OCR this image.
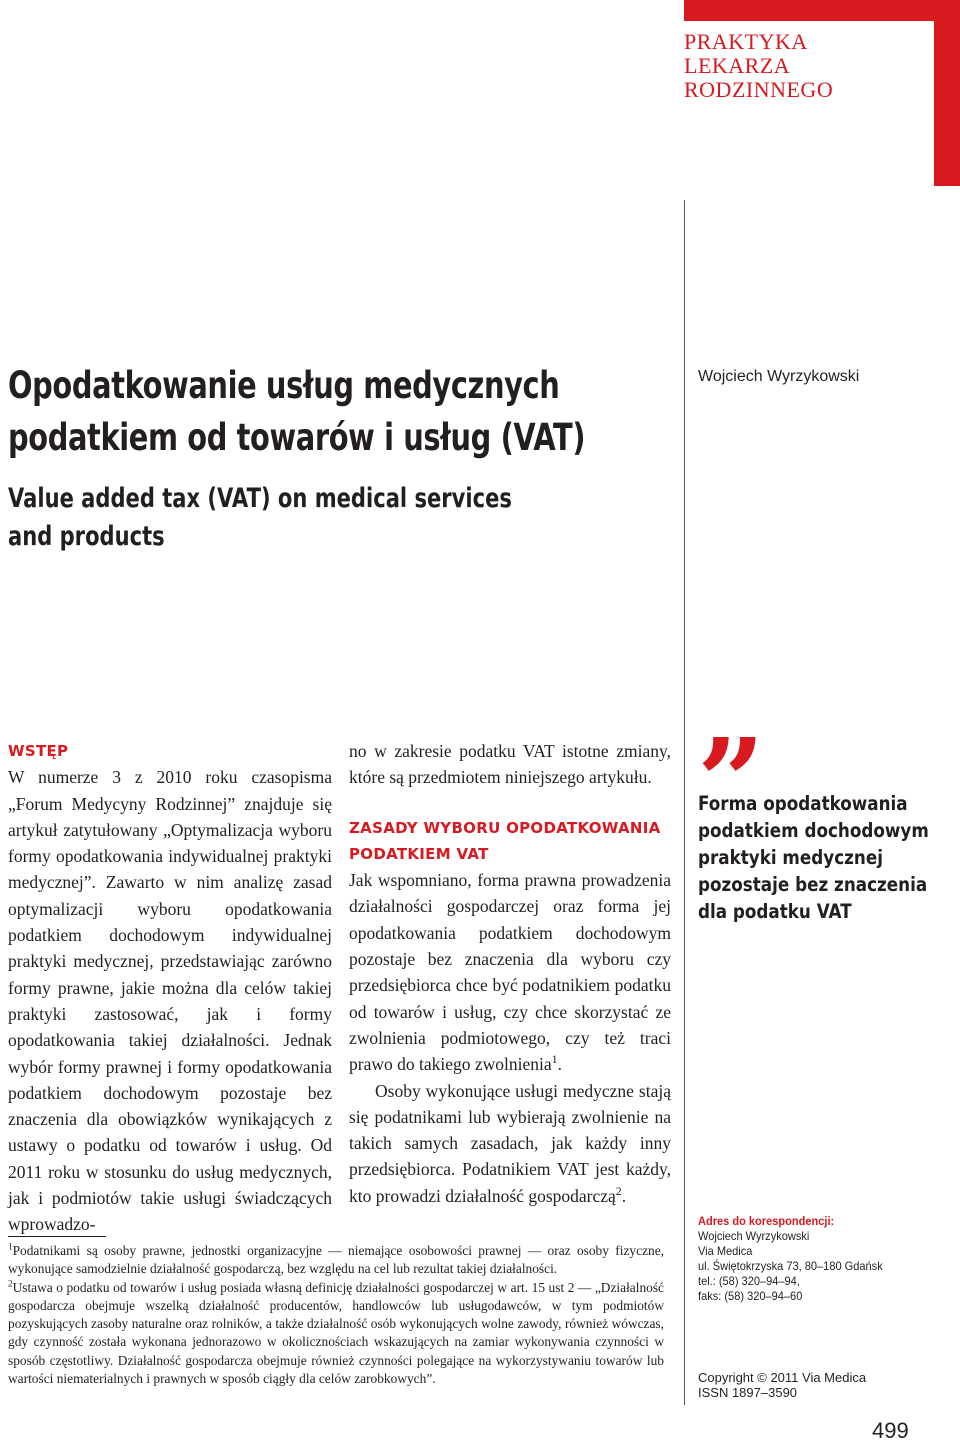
PRAKTYKA
LEKARZA
RODZINNEGO
Wojciech Wyrzykowski
Opodatkowanie usług medycznych
podatkiem od towarów i usług (VAT)
Value added tax (VAT) on medical services
and products
WSTĘP

W numerze 3 z 2010 roku czasopisma „Forum Medycyny Rodzinnej” znajduje się artykuł zatytułowany „Optymalizacja wyboru formy opodatkowania indywidualnej praktyki medycznej”. Zawarto w nim analizę zasad optymalizacji wyboru opodatkowania podatkiem dochodowym indywidualnej praktyki medycznej, przedstawiając zarówno formy prawne, jakie można dla celów takiej praktyki zastosować, jak i formy opodatkowania takiej działalności. Jednak wybór formy prawnej i formy opodatkowania podatkiem dochodowym pozostaje bez znaczenia dla obowiązków wynikających z ustawy o podatku od towarów i usług. Od 2011 roku w stosunku do usług medycznych, jak i podmiotów takie usługi świadczących wprowadzo-

no w zakresie podatku VAT istotne zmiany, które są przedmiotem niniejszego artykułu.

ZASADY WYBORU OPODATKOWANIA PODATKIEM VAT

Jak wspomniano, forma prawna prowadzenia działalności gospodarczej oraz forma jej opodatkowania podatkiem dochodowym pozostaje bez znaczenia dla wyboru czy przedsiębiorca chce być podatnikiem podatku od towarów i usług, czy chce skorzystać ze zwolnienia podmiotowego, czy też traci prawo do takiego zwolnienia$^1$.

Osoby wykonujące usługi medyczne stają się podatnikami lub wybierają zwolnienie na takich samych zasadach, jak każdy inny przedsiębiorca. Podatnikiem VAT jest każdy, kto prowadzi działalność gospodarczą$^2$.

”
Forma opodatkowania
podatkiem dochodowym
praktyki medycznej
pozostaje bez znaczenia
dla podatku VAT
Adres do korespondencji:
Wojciech Wyrzykowski
Via Medica
ul. Świętokrzyska 73, 80–180 Gdańsk
tel.: (58) 320–94–94,
faks: (58) 320–94–60
Copyright © 2011 Via Medica
ISSN 1897–3590
499

$^1$Podatnikami są osoby prawne, jednostki organizacyjne — niemające osobowości prawnej — oraz osoby fizyczne, wykonujące samodzielnie działalność gospodarczą, bez względu na cel lub rezultat takiej działalności.

$^2$Ustawa o podatku od towarów i usług posiada własną definicję działalności gospodarczej w art. 15 ust 2 — „Działalność gospodarcza obejmuje wszelką działalność producentów, handlowców lub usługodawców, w tym podmiotów pozyskujących zasoby naturalne oraz rolników, a także działalność osób wykonujących wolne zawody, również wówczas, gdy czynność została wykonana jednorazowo w okolicznościach wskazujących na zamiar wykonywania czynności w sposób częstotliwy. Działalność gospodarcza obejmuje również czynności polegające na wykorzystywaniu towarów lub wartości niematerialnych i prawnych w sposób ciągły dla celów zarobkowych”.
